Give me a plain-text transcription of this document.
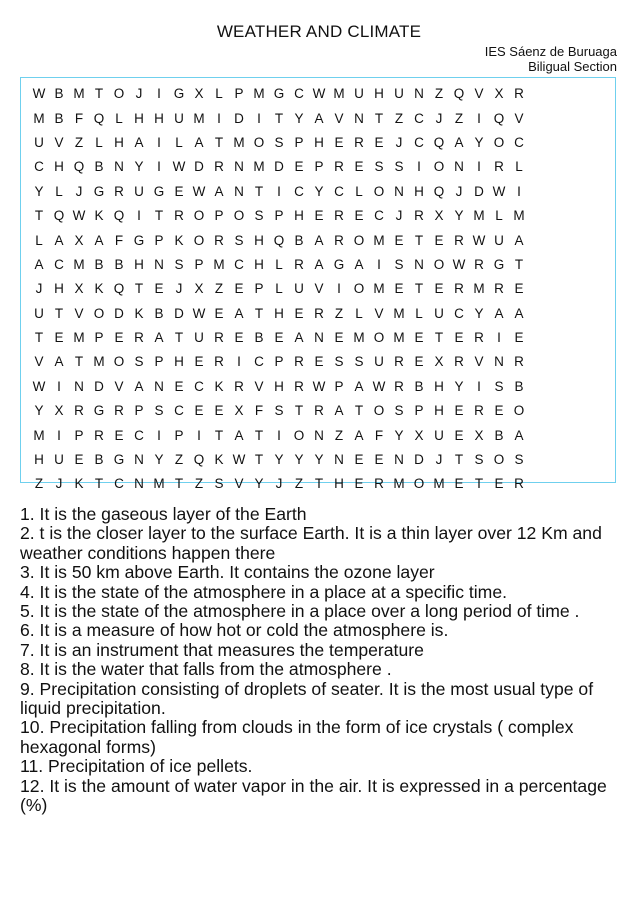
WEATHER AND CLIMATE
IES Sáenz de Buruaga
Biligual Section
W B M T O J	I G X L P M G C W M U H U N Z Q V X R
M B F Q L H H U M I D I	T Y A V N T Z C J Z	I Q V
U V Z L H A	I	L A T M O S P H E R E J C Q A Y O C
C H Q B N Y	I W D R N M D E P R E S S	I O N I R L
Y L J G R U G E W A N T	I C Y C L O N H Q J D W I
T Q W K Q I	T R O P O S P H E R E C J R X Y M L M
L A X A F G P K O R S H Q B A R O M E T E R W U A
A C M B B H N S P M C H L R A G A	I	S N O W R G T
J H X K Q T E J X Z E P L U V	I O M E T E R M R E
U T V O D K B D W E A T H E R Z L V M L U C Y A A
T E M P E R A T U R E B E A N E M O M E T E R I	E
V A T M O S P H E R I C P R E S S U R E X R V N R
W I N D V A N E C K R V H R W P A W R B H Y	I	S B
Y X R G R P S C E E X F S T R A T O S P H E R E O
M I	P R E C I	P	I	T A T	I O N Z A F Y X U E X B A
H U E B G N Y Z Q K W T Y Y Y N E E N D J T S O S
Z J K T C N M T Z S V Y J Z T H E R M O M E T E R
1. It is the gaseous layer of the Earth
2. t is the closer layer to the surface Earth. It is a thin layer over 12 Km and weather conditions happen there
3. It is 50 km above Earth. It contains the ozone layer
4. It is the state of the atmosphere in a place at a specific time.
5. It is the state of the atmosphere in a place over a long period of time .
6. It is a measure of how hot or cold the atmosphere is.
7. It is an instrument that measures the temperature
8. It is the water that falls from the atmosphere .
9. Precipitation consisting of droplets of seater. It is the most usual type of liquid precipitation.
10. Precipitation falling from clouds in the form of ice crystals ( complex hexagonal forms)
11. Precipitation of ice pellets.
12. It is the amount of water vapor in the air. It is expressed in a percentage (%)
